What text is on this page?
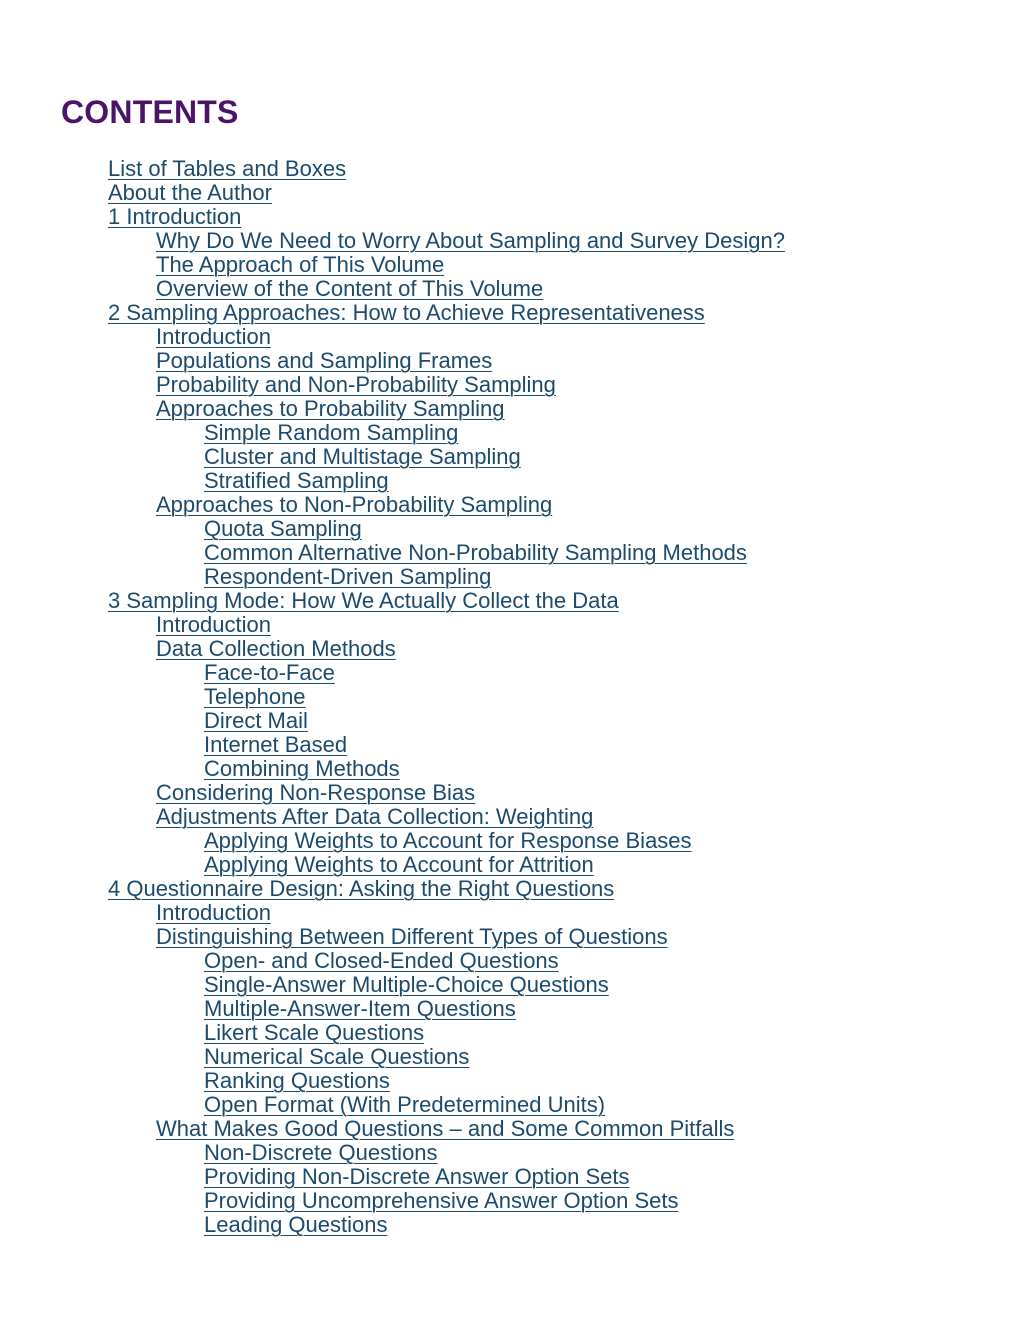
CONTENTS
List of Tables and Boxes
About the Author
1 Introduction
Why Do We Need to Worry About Sampling and Survey Design?
The Approach of This Volume
Overview of the Content of This Volume
2 Sampling Approaches: How to Achieve Representativeness
Introduction
Populations and Sampling Frames
Probability and Non-Probability Sampling
Approaches to Probability Sampling
Simple Random Sampling
Cluster and Multistage Sampling
Stratified Sampling
Approaches to Non-Probability Sampling
Quota Sampling
Common Alternative Non-Probability Sampling Methods
Respondent-Driven Sampling
3 Sampling Mode: How We Actually Collect the Data
Introduction
Data Collection Methods
Face-to-Face
Telephone
Direct Mail
Internet Based
Combining Methods
Considering Non-Response Bias
Adjustments After Data Collection: Weighting
Applying Weights to Account for Response Biases
Applying Weights to Account for Attrition
4 Questionnaire Design: Asking the Right Questions
Introduction
Distinguishing Between Different Types of Questions
Open- and Closed-Ended Questions
Single-Answer Multiple-Choice Questions
Multiple-Answer-Item Questions
Likert Scale Questions
Numerical Scale Questions
Ranking Questions
Open Format (With Predetermined Units)
What Makes Good Questions – and Some Common Pitfalls
Non-Discrete Questions
Providing Non-Discrete Answer Option Sets
Providing Uncomprehensive Answer Option Sets
Leading Questions
